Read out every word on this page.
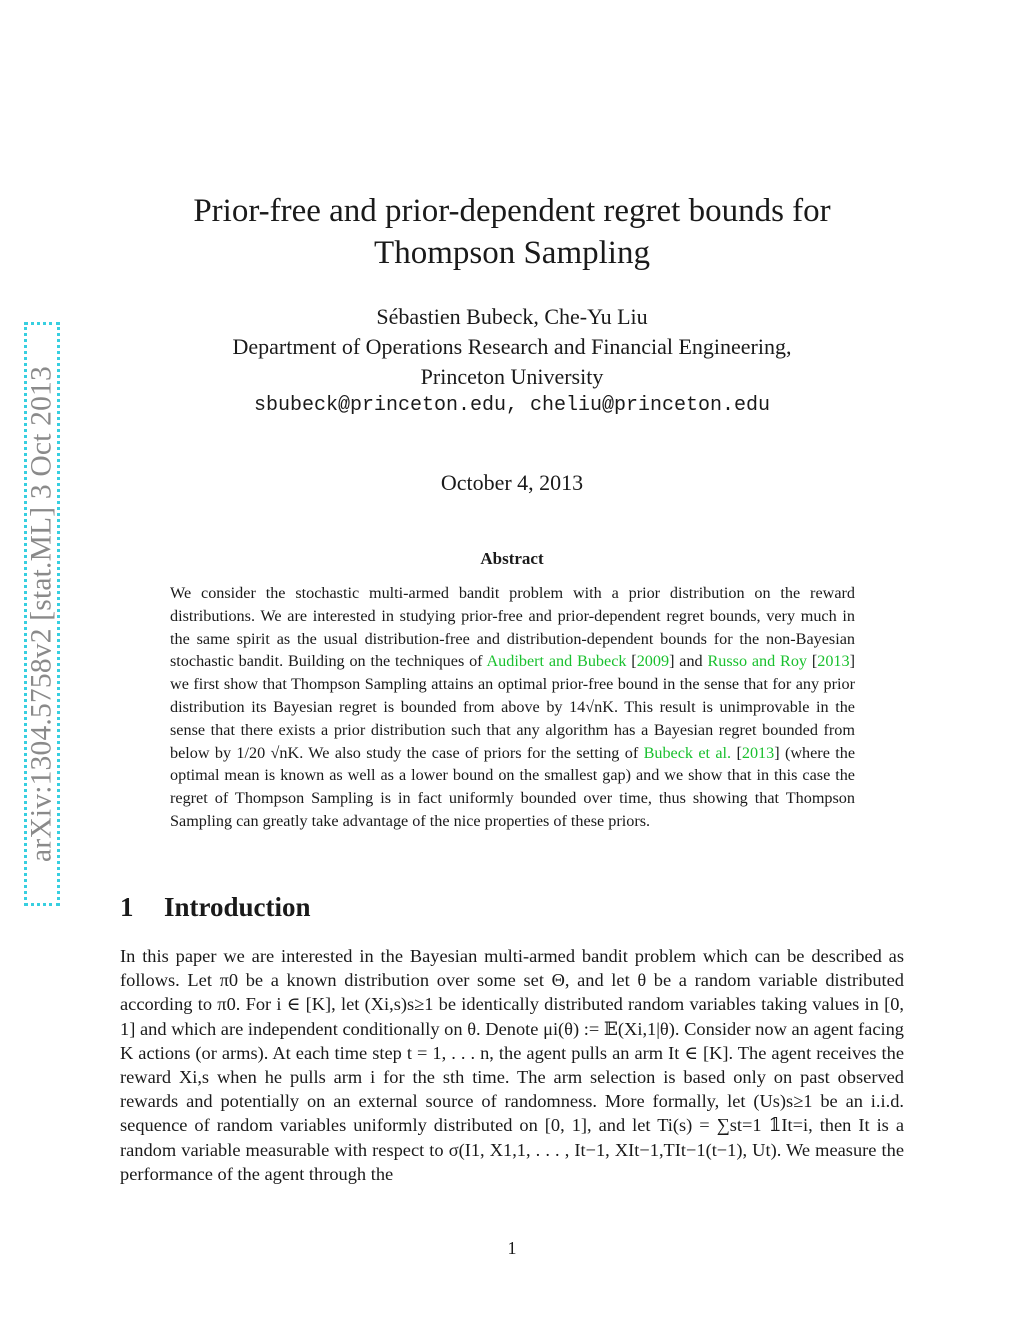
arXiv:1304.5758v2 [stat.ML] 3 Oct 2013
Prior-free and prior-dependent regret bounds for
Thompson Sampling
Sébastien Bubeck, Che-Yu Liu
Department of Operations Research and Financial Engineering,
Princeton University
sbubeck@princeton.edu, cheliu@princeton.edu
October 4, 2013
Abstract
We consider the stochastic multi-armed bandit problem with a prior distribution on the reward distributions. We are interested in studying prior-free and prior-dependent regret bounds, very much in the same spirit as the usual distribution-free and distribution-dependent bounds for the non-Bayesian stochastic bandit. Building on the techniques of Audibert and Bubeck [2009] and Russo and Roy [2013] we first show that Thompson Sampling attains an optimal prior-free bound in the sense that for any prior distribution its Bayesian regret is bounded from above by 14√nK. This result is unimprovable in the sense that there exists a prior distribution such that any algorithm has a Bayesian regret bounded from below by 1/20 √nK. We also study the case of priors for the setting of Bubeck et al. [2013] (where the optimal mean is known as well as a lower bound on the smallest gap) and we show that in this case the regret of Thompson Sampling is in fact uniformly bounded over time, thus showing that Thompson Sampling can greatly take advantage of the nice properties of these priors.
1 Introduction
In this paper we are interested in the Bayesian multi-armed bandit problem which can be described as follows. Let π0 be a known distribution over some set Θ, and let θ be a random variable distributed according to π0. For i ∈ [K], let (Xi,s)s≥1 be identically distributed random variables taking values in [0, 1] and which are independent conditionally on θ. Denote μi(θ) := 𝔼(Xi,1|θ). Consider now an agent facing K actions (or arms). At each time step t = 1, . . . n, the agent pulls an arm It ∈ [K]. The agent receives the reward Xi,s when he pulls arm i for the sth time. The arm selection is based only on past observed rewards and potentially on an external source of randomness. More formally, let (Us)s≥1 be an i.i.d. sequence of random variables uniformly distributed on [0, 1], and let Ti(s) = ∑st=1 𝟙It=i, then It is a random variable measurable with respect to σ(I1, X1,1, . . . , It−1, XIt−1,TIt−1(t−1), Ut). We measure the performance of the agent through the
1
